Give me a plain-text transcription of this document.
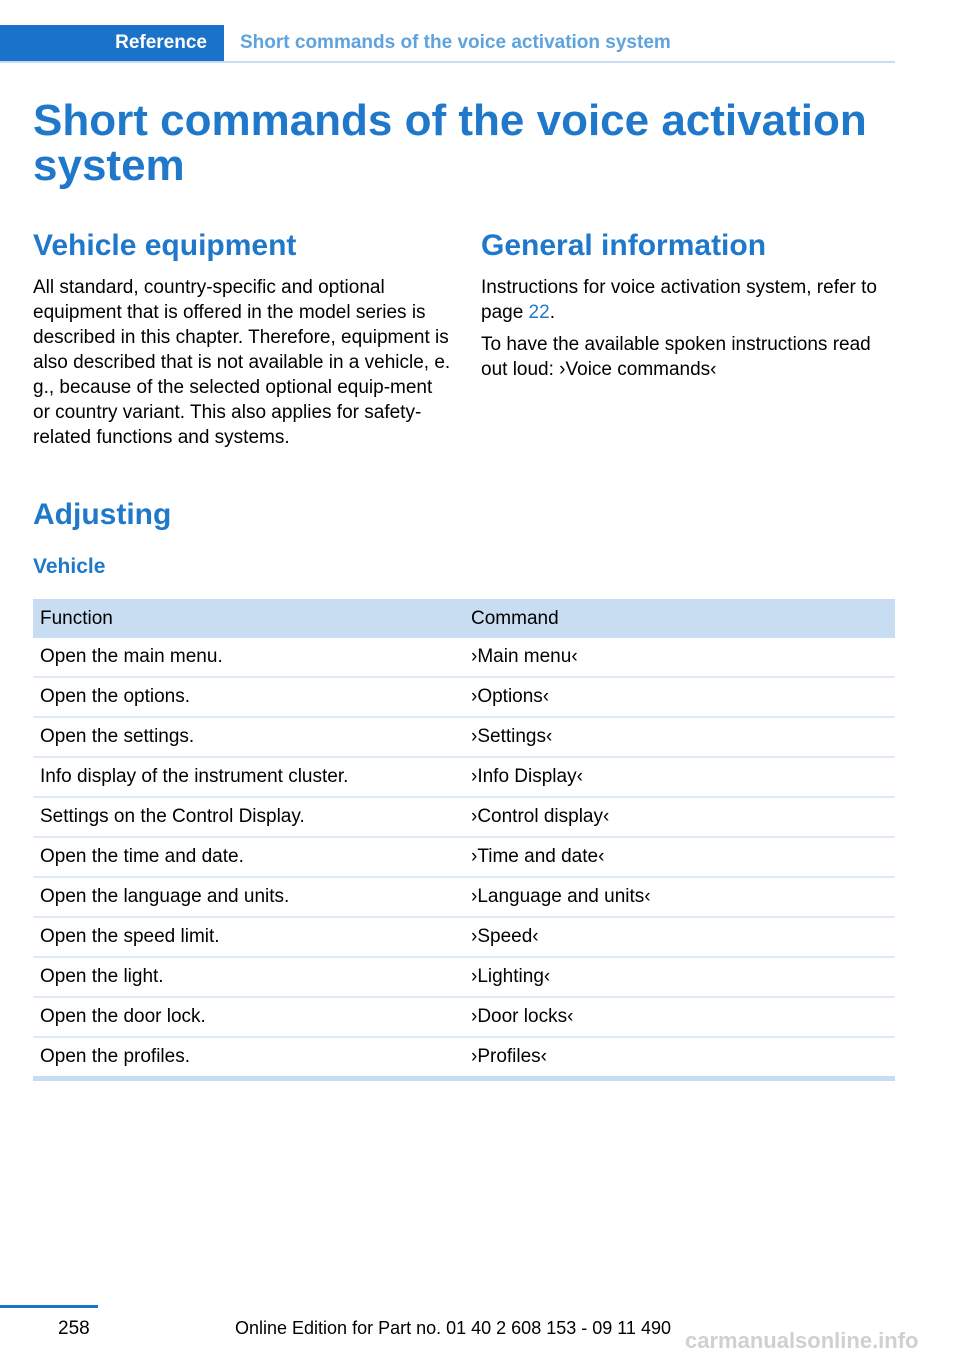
Reference	Short commands of the voice activation system
Short commands of the voice activation system
Vehicle equipment

All standard, country-specific and optional equipment that is offered in the model series is described in this chapter. Therefore, equipment is also described that is not available in a vehicle, e. g., because of the selected optional equip-ment or country variant. This also applies for safety-related functions and systems.

General information

Instructions for voice activation system, refer to page 22.

To have the available spoken instructions read out loud: ›Voice commands‹

Adjusting
Vehicle
Function	Command
Open the main menu.	›Main menu‹
Open the options.	›Options‹
Open the settings.	›Settings‹
Info display of the instrument cluster.	›Info Display‹
Settings on the Control Display.	›Control display‹
Open the time and date.	›Time and date‹
Open the language and units.	›Language and units‹
Open the speed limit.	›Speed‹
Open the light.	›Lighting‹
Open the door lock.	›Door locks‹
Open the profiles.	›Profiles‹
258	Online Edition for Part no. 01 40 2 608 153 - 09 11 490 carmanualsonline.info
